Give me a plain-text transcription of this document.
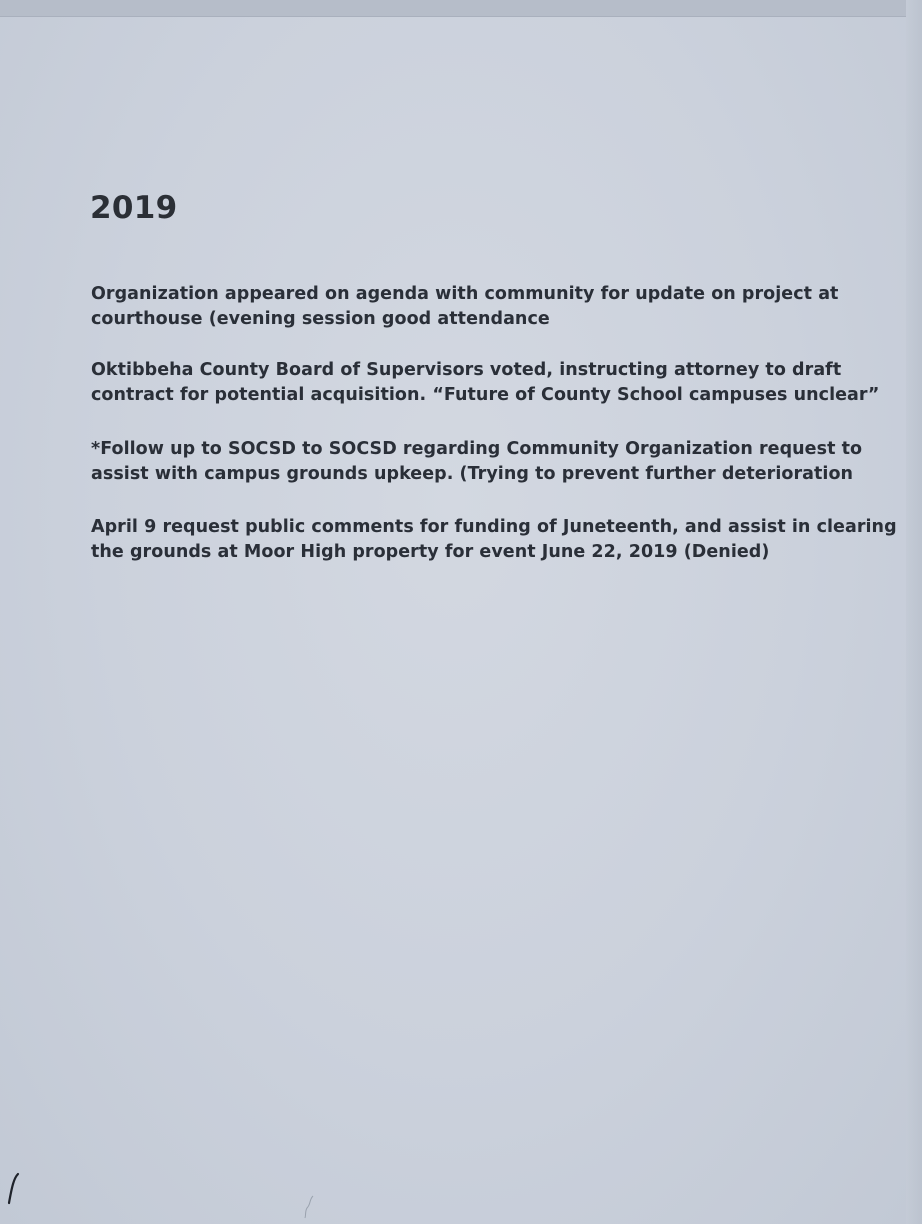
2019

Organization appeared on agenda with community for update on project at
courthouse (evening session good attendance

Oktibbeha County Board of Supervisors voted, instructing attorney to draft
contract for potential acquisition. “Future of County School campuses unclear”

*Follow up to SOCSD to SOCSD regarding Community Organization request to
assist with campus grounds upkeep. (Trying to prevent further deterioration

April 9 request public comments for funding of Juneteenth, and assist in clearing
the grounds at Moor High property for event June 22, 2019 (Denied)
